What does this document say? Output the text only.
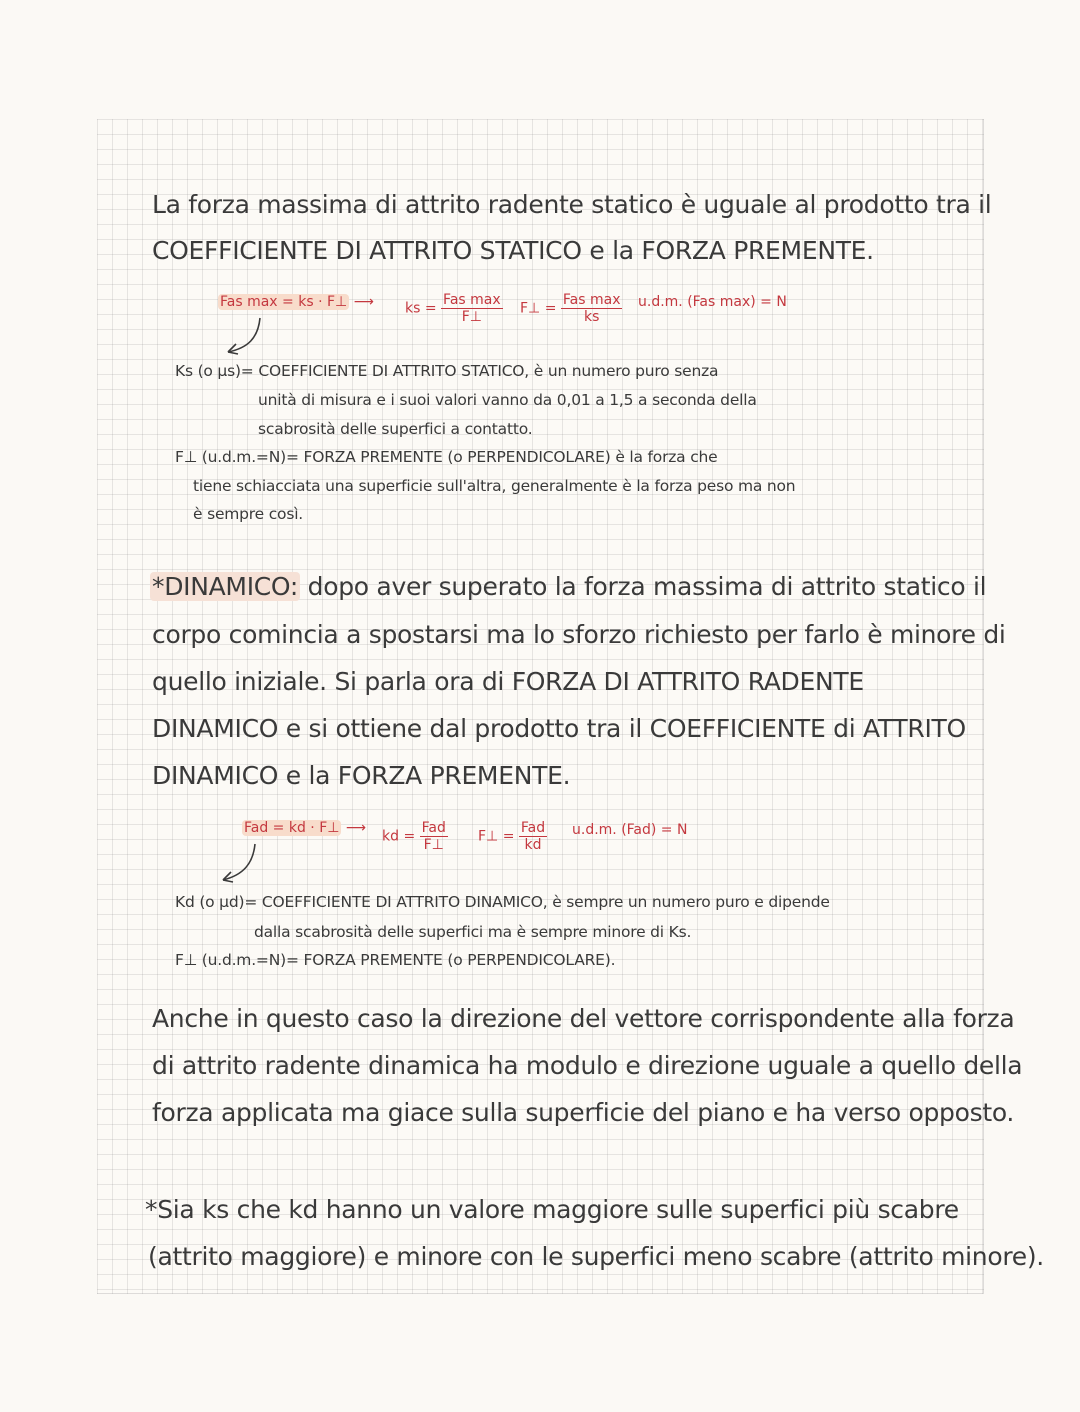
La forza massima di attrito radente statico è uguale al prodotto tra il
COEFFICIENTE DI ATTRITO STATICO e la FORZA PREMENTE.
Fas max = ks · F⊥ ⟶ ks = $\frac{\text{Fas max}}{F\perp}$ F⊥ = $\frac{\text{Fas max}}{ks} u.d.m$. (Fas max) = N
Ks (o μs)= COEFFICIENTE DI ATTRITO STATICO, è un numero puro senza
unità di misura e i suoi valori vanno da 0,01 a 1,5 a seconda della
scabrosità delle superfici a contatto.
F⊥ (u.d.m.=N)= FORZA PREMENTE (o PERPENDICOLARE) è la forza che
tiene schiacciata una superficie sull'altra, generalmente è la forza peso ma non
è sempre così.
*DINAMICO: dopo aver superato la forza massima di attrito statico il
corpo comincia a spostarsi ma lo sforzo richiesto per farlo è minore di
quello iniziale. Si parla ora di FORZA DI ATTRITO RADENTE
DINAMICO e si ottiene dal prodotto tra il COEFFICIENTE di ATTRITO
DINAMICO e la FORZA PREMENTE.
Fad = kd · F⊥ ⟶
kd = $\frac{\text{Fad}}{F\perp}$ F⊥ = $\frac{\text{Fad}}{kd} u.d.m$. (Fad) = N
Kd (o μd)= COEFFICIENTE DI ATTRITO DINAMICO, è sempre un numero puro e dipende
dalla scabrosità delle superfici ma è sempre minore di Ks.
F⊥ (u.d.m.=N)= FORZA PREMENTE (o PERPENDICOLARE).
Anche in questo caso la direzione del vettore corrispondente alla forza
di attrito radente dinamica ha modulo e direzione uguale a quello della
forza applicata ma giace sulla superficie del piano e ha verso opposto.
*Sia ks che kd hanno un valore maggiore sulle superfici più scabre
(attrito maggiore) e minore con le superfici meno scabre (attrito minore).
